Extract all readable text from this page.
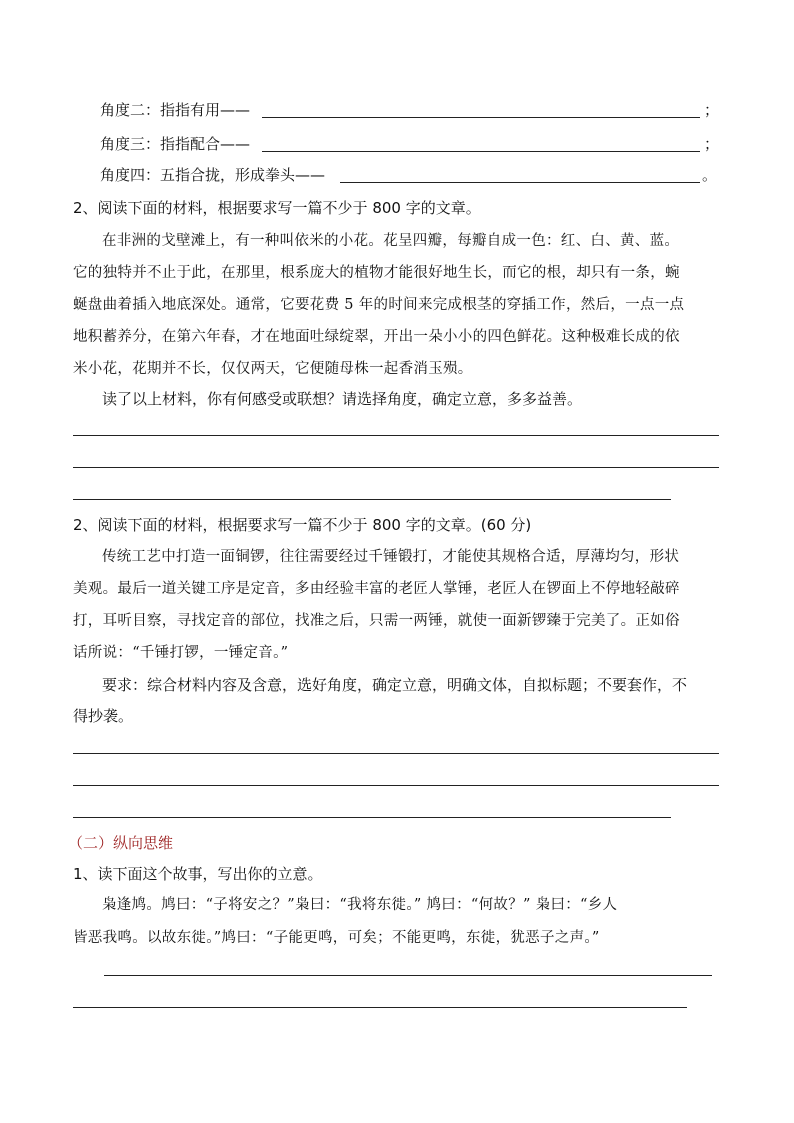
角度二：指指有用——	；
角度三：指指配合——	；
角度四：五指合拢，形成拳头——	。
2、阅读下面的材料，根据要求写一篇不少于 800 字的文章。
在非洲的戈壁滩上，有一种叫依米的小花。花呈四瓣，每瓣自成一色：红、白、黄、蓝。
它的独特并不止于此，在那里，根系庞大的植物才能很好地生长，而它的根，却只有一条，蜿
蜒盘曲着插入地底深处。通常，它要花费 5 年的时间来完成根茎的穿插工作，然后，一点一点
地积蓄养分，在第六年春，才在地面吐绿绽翠，开出一朵小小的四色鲜花。这种极难长成的依
米小花，花期并不长，仅仅两天，它便随母株一起香消玉殒。
读了以上材料，你有何感受或联想？请选择角度，确定立意，多多益善。
2、阅读下面的材料，根据要求写一篇不少于 800 字的文章。(60 分)
传统工艺中打造一面铜锣，往往需要经过千锤锻打，才能使其规格合适，厚薄均匀，形状
美观。最后一道关键工序是定音，多由经验丰富的老匠人掌锤，老匠人在锣面上不停地轻敲碎
打，耳听目察，寻找定音的部位，找准之后，只需一两锤，就使一面新锣臻于完美了。正如俗
话所说：“千锤打锣，一锤定音。”
要求：综合材料内容及含意，选好角度，确定立意，明确文体，自拟标题；不要套作，不
得抄袭。
（二）纵向思维
1、读下面这个故事，写出你的立意。
枭逢鸠。鸠曰：“子将安之？”枭曰：“我将东徙。” 鸠曰：“何故？” 枭曰：“乡人
皆恶我鸣。以故东徙。”鸠曰：“子能更鸣，可矣；不能更鸣，东徙，犹恶子之声。”
